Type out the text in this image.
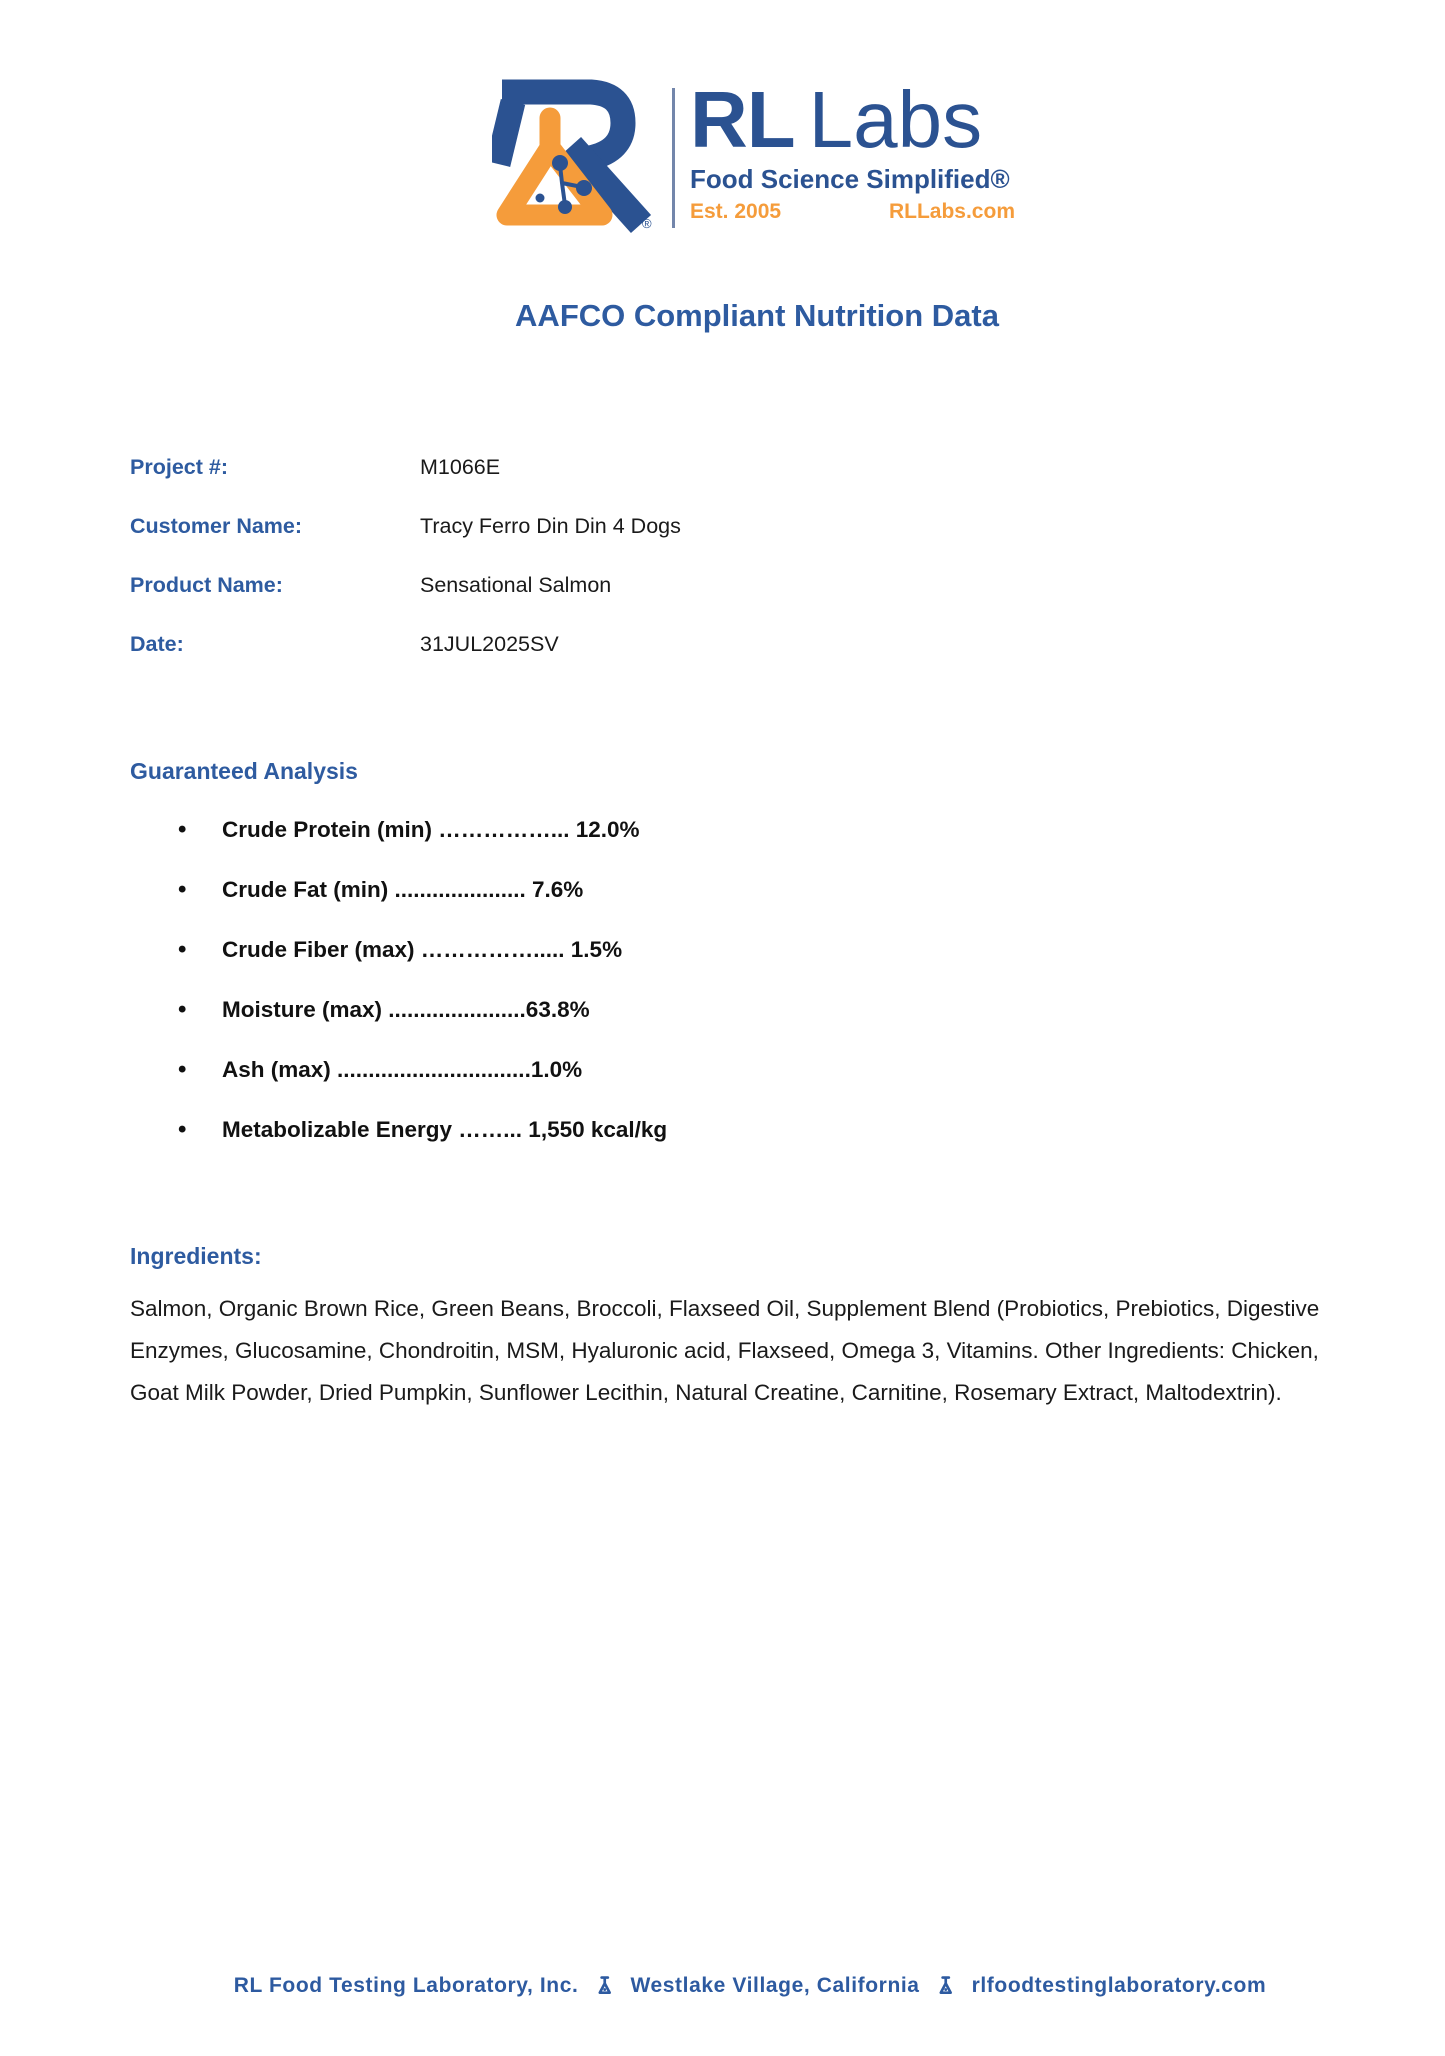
®
RL Labs
Food Science Simplified®
Est. 2005	RLLabs.com
AAFCO Compliant Nutrition Data
Project #:	M1066E
Customer Name:	Tracy Ferro Din Din 4 Dogs
Product Name:	Sensational Salmon
Date:	31JUL2025SV
Guaranteed Analysis
Crude Protein (min) ……………... 12.0%
Crude Fat (min) ..................... 7.6%
Crude Fiber (max) ……………..... 1.5%
Moisture (max) ......................63.8%
Ash (max) ...............................1.0%
Metabolizable Energy ……... 1,550 kcal/kg
Ingredients:

Salmon, Organic Brown Rice, Green Beans, Broccoli, Flaxseed Oil, Supplement Blend (Probiotics, Prebiotics, Digestive Enzymes, Glucosamine, Chondroitin, MSM, Hyaluronic acid, Flaxseed, Omega 3, Vitamins. Other Ingredients: Chicken, Goat Milk Powder, Dried Pumpkin, Sunflower Lecithin, Natural Creatine, Carnitine, Rosemary Extract, Maltodextrin).

RL Food Testing Laboratory, Inc. Westlake Village, California rlfoodtestinglaboratory.com
